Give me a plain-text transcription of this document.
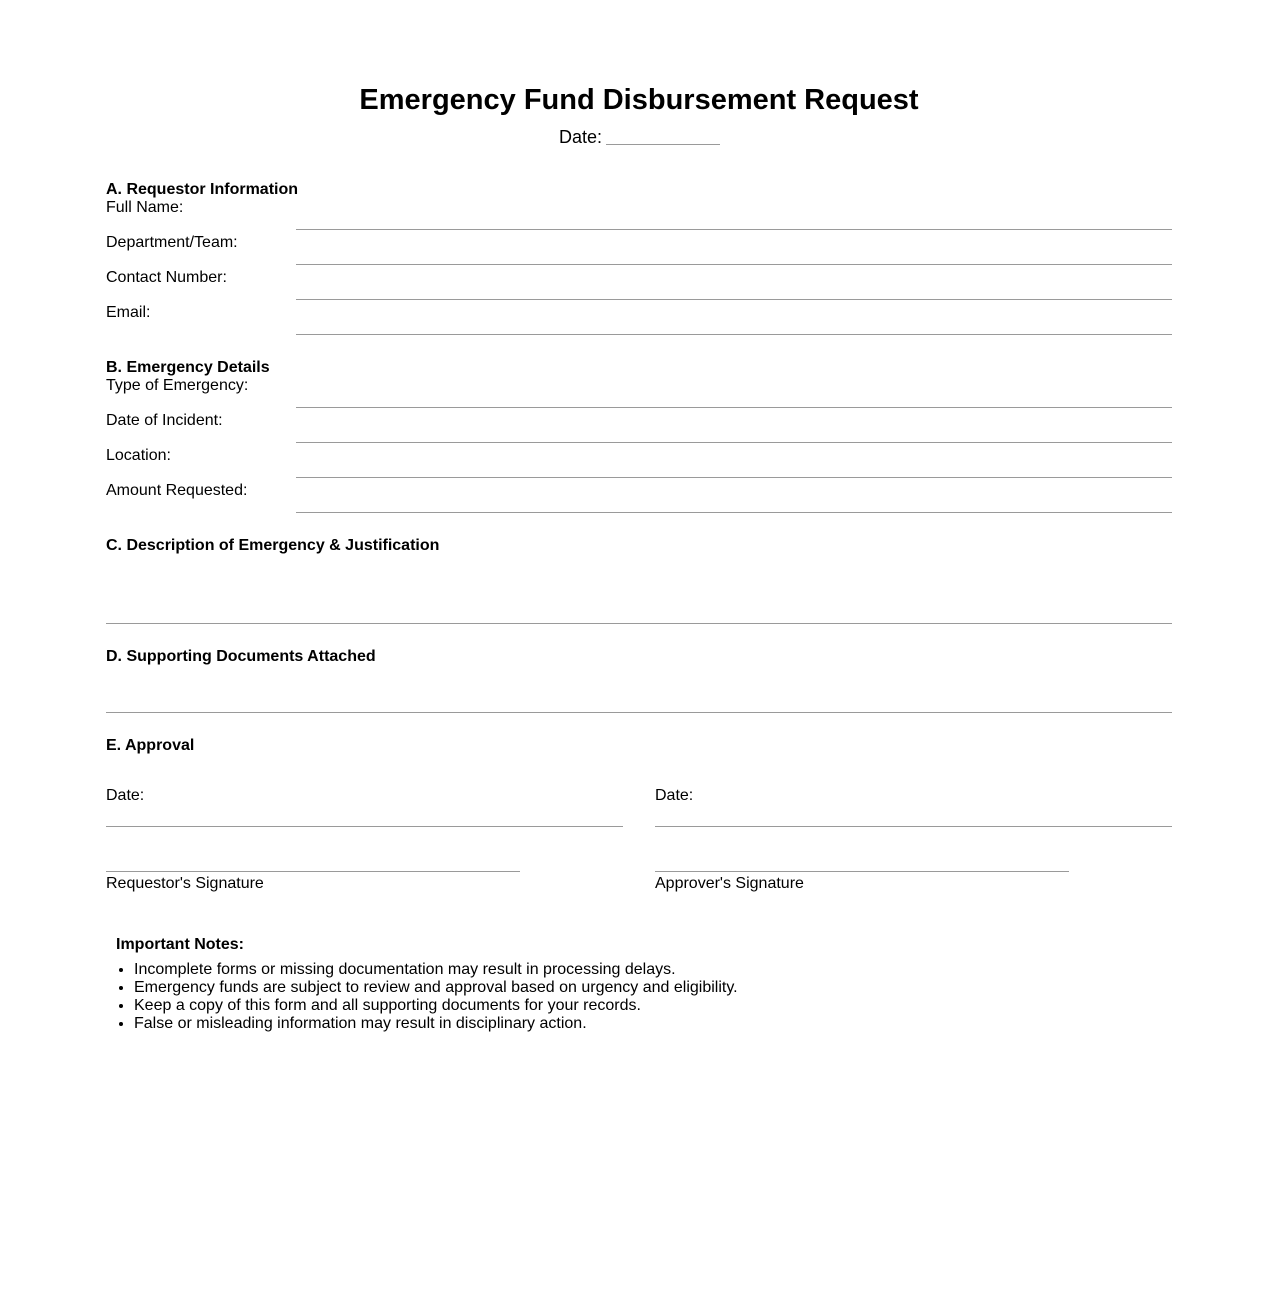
Emergency Fund Disbursement Request
Date:
A. Requestor Information
Full Name:
Department/Team:
Contact Number:
Email:
B. Emergency Details
Type of Emergency:
Date of Incident:
Location:
Amount Requested:
C. Description of Emergency & Justification
D. Supporting Documents Attached
E. Approval
Date:
Requestor's Signature
Date:
Approver's Signature
Important Notes:
• Incomplete forms or missing documentation may result in processing delays.
• Emergency funds are subject to review and approval based on urgency and eligibility.
• Keep a copy of this form and all supporting documents for your records.
• False or misleading information may result in disciplinary action.
